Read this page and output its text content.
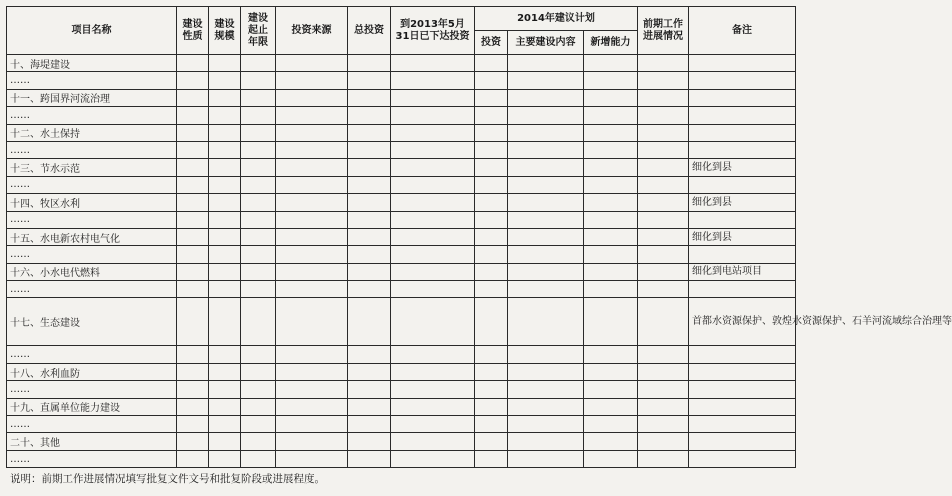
项目名称	建设性质	建设规模	建设起止年限	投资来源	总投资	到2013年5月31日已下达投资	2014年建议计划			前期工作进展情况	备注
							投资	主要建设内容	新增能力		
十、海堤建设											
……											
十一、跨国界河流治理											
……											
十二、水土保持											
……											
十三、节水示范											细化到县
……											
十四、牧区水利											细化到县
……											
十五、水电新农村电气化											细化到县
……											
十六、小水电代燃料											细化到电站项目
……											
十七、生态建设											首都水资源保护、敦煌水资源保护、石羊河流域综合治理等
……											
十八、水利血防											
……											
十九、直属单位能力建设											
……											
二十、其他											
……											
说明：前期工作进展情况填写批复文件文号和批复阶段或进展程度。
